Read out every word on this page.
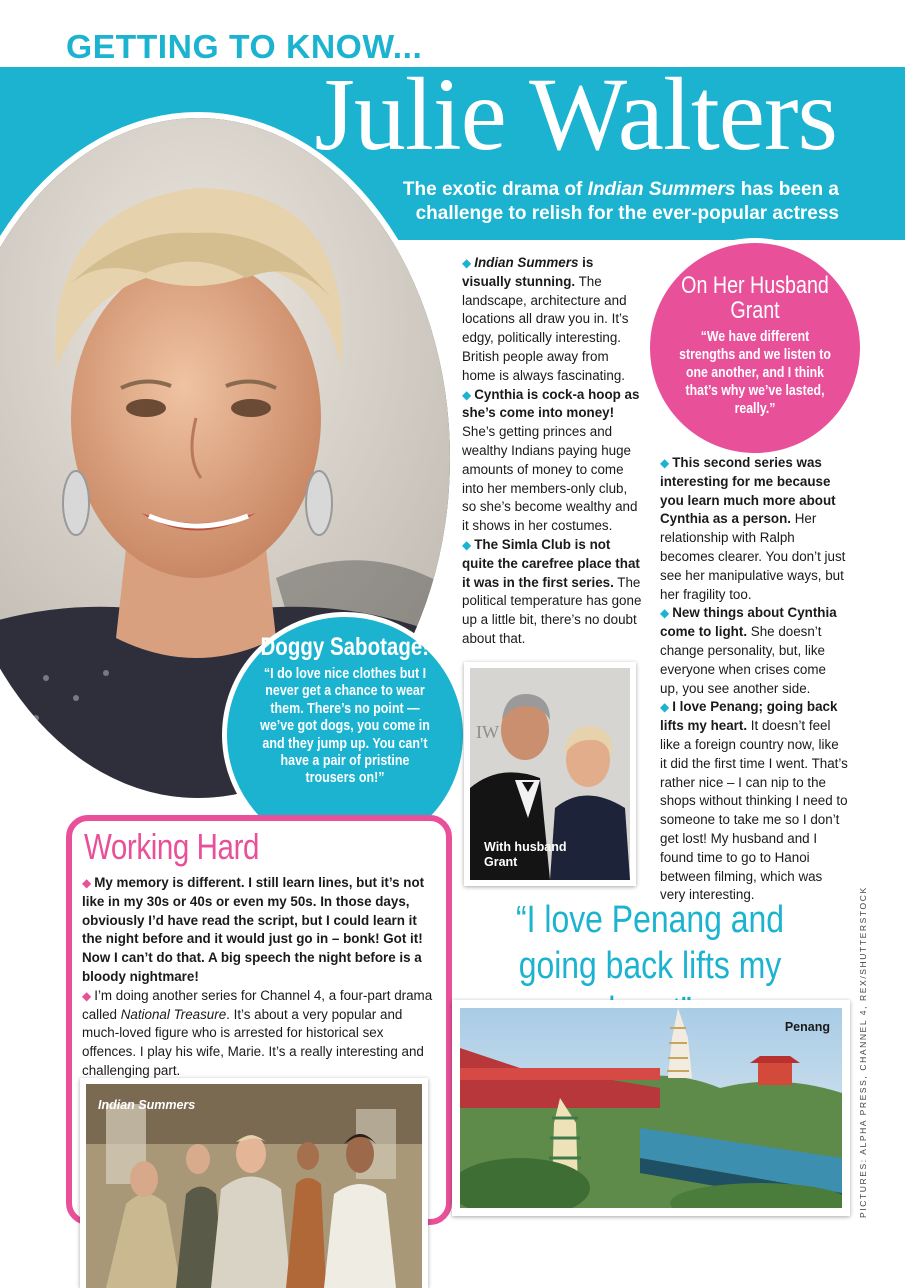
GETTING TO KNOW...
Julie Walters
The exotic drama of Indian Summers has been a challenge to relish for the ever-popular actress
Doggy Sabotage!
“I do love nice clothes but I never get a chance to wear them. There’s no point — we’ve got dogs, you come in and they jump up. You can’t have a pair of pristine trousers on!”
On Her Husband Grant
“We have different strengths and we listen to one another, and I think that’s why we’ve lasted, really.”

◆ Indian Summers is visually stunning. The landscape, architecture and locations all draw you in. It’s edgy, politically interesting. British people away from home is always fascinating.

◆ Cynthia is cock-a hoop as she’s come into money! She’s getting princes and wealthy Indians paying huge amounts of money to come into her members-only club, so she’s become wealthy and it shows in her costumes.

◆ The Simla Club is not quite the carefree place that it was in the first series. The political temperature has gone up a little bit, there’s no doubt about that.

◆ This second series was interesting for me because you learn much more about Cynthia as a person. Her relationship with Ralph becomes clearer. You don’t just see her manipulative ways, but her fragility too.

◆ New things about Cynthia come to light. She doesn’t change personality, but, like everyone when crises come up, you see another side.

◆ I love Penang; going back lifts my heart. It doesn’t feel like a foreign country now, like it did the first time I went. That’s rather nice – I can nip to the shops without thinking I need to someone to take me so I don’t get lost! My husband and I found time to go to Hanoi between filming, which was very interesting.

IW
With husband Grant
“I love Penang and going back lifts my
Working Hard

◆ My memory is different. I still learn lines, but it’s not like in my 30s or 40s or even my 50s. In those days, obviously I’d have read the script, but I could learn it the night before and it would just go in – bonk! Got it! Now I can’t do that. A big speech the night before is a bloody nightmare!

◆ I’m doing another series for Channel 4, a four-part drama called National Treasure. It’s about a very popular and much-loved figure who is arrested for historical sex offences. I play his wife, Marie. It’s a really interesting and challenging part.

Indian Summers
Penang	PICTURES: ALPHA PRESS, CHANNEL 4, REX/SHUTTERSTOCK
